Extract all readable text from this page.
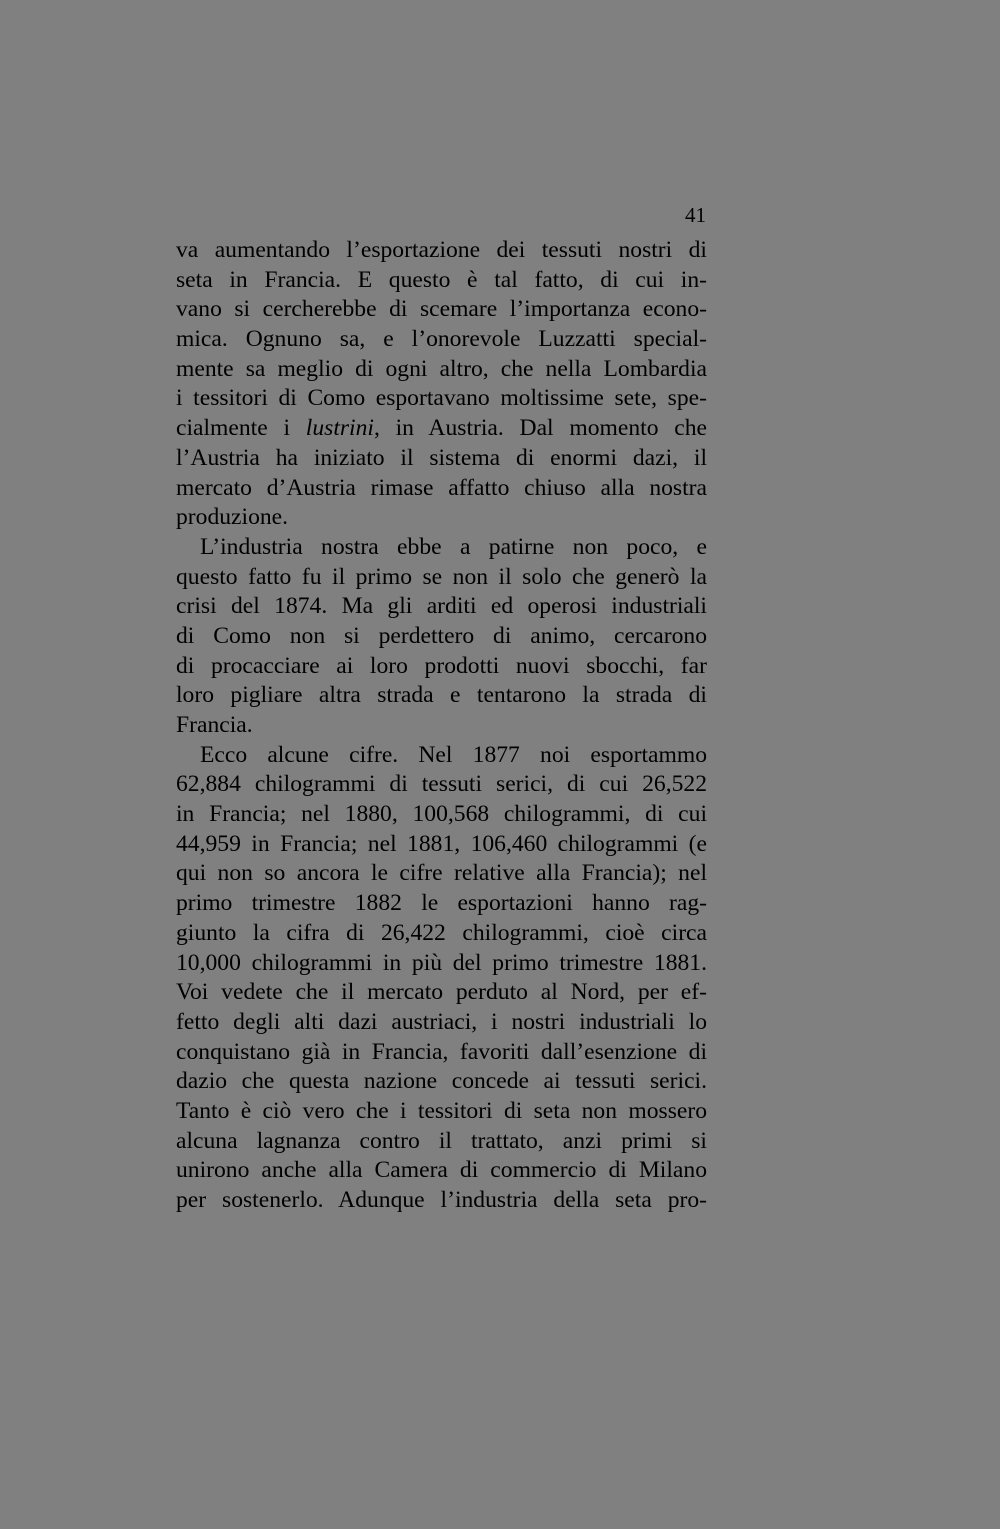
41
va aumentando l’esportazione dei tessuti nostri di
seta in Francia. E questo è tal fatto, di cui in-
vano si cercherebbe di scemare l’importanza econo-
mica. Ognuno sa, e l’onorevole Luzzatti special-
mente sa meglio di ogni altro, che nella Lombardia
i tessitori di Como esportavano moltissime sete, spe-
cialmente i lustrini, in Austria. Dal momento che
l’Austria ha iniziato il sistema di enormi dazi, il
mercato d’Austria rimase affatto chiuso alla nostra
produzione.
L’industria nostra ebbe a patirne non poco, e
questo fatto fu il primo se non il solo che generò la
crisi del 1874. Ma gli arditi ed operosi industriali
di Como non si perdettero di animo, cercarono
di procacciare ai loro prodotti nuovi sbocchi, far
loro pigliare altra strada e tentarono la strada di
Francia.
Ecco alcune cifre. Nel 1877 noi esportammo
62,884 chilogrammi di tessuti serici, di cui 26,522
in Francia; nel 1880, 100,568 chilogrammi, di cui
44,959 in Francia; nel 1881, 106,460 chilogrammi (e
qui non so ancora le cifre relative alla Francia); nel
primo trimestre 1882 le esportazioni hanno rag-
giunto la cifra di 26,422 chilogrammi, cioè circa
10,000 chilogrammi in più del primo trimestre 1881.
Voi vedete che il mercato perduto al Nord, per ef-
fetto degli alti dazi austriaci, i nostri industriali lo
conquistano già in Francia, favoriti dall’esenzione di
dazio che questa nazione concede ai tessuti serici.
Tanto è ciò vero che i tessitori di seta non mossero
alcuna lagnanza contro il trattato, anzi primi si
unirono anche alla Camera di commercio di Milano
per sostenerlo. Adunque l’industria della seta pro-
